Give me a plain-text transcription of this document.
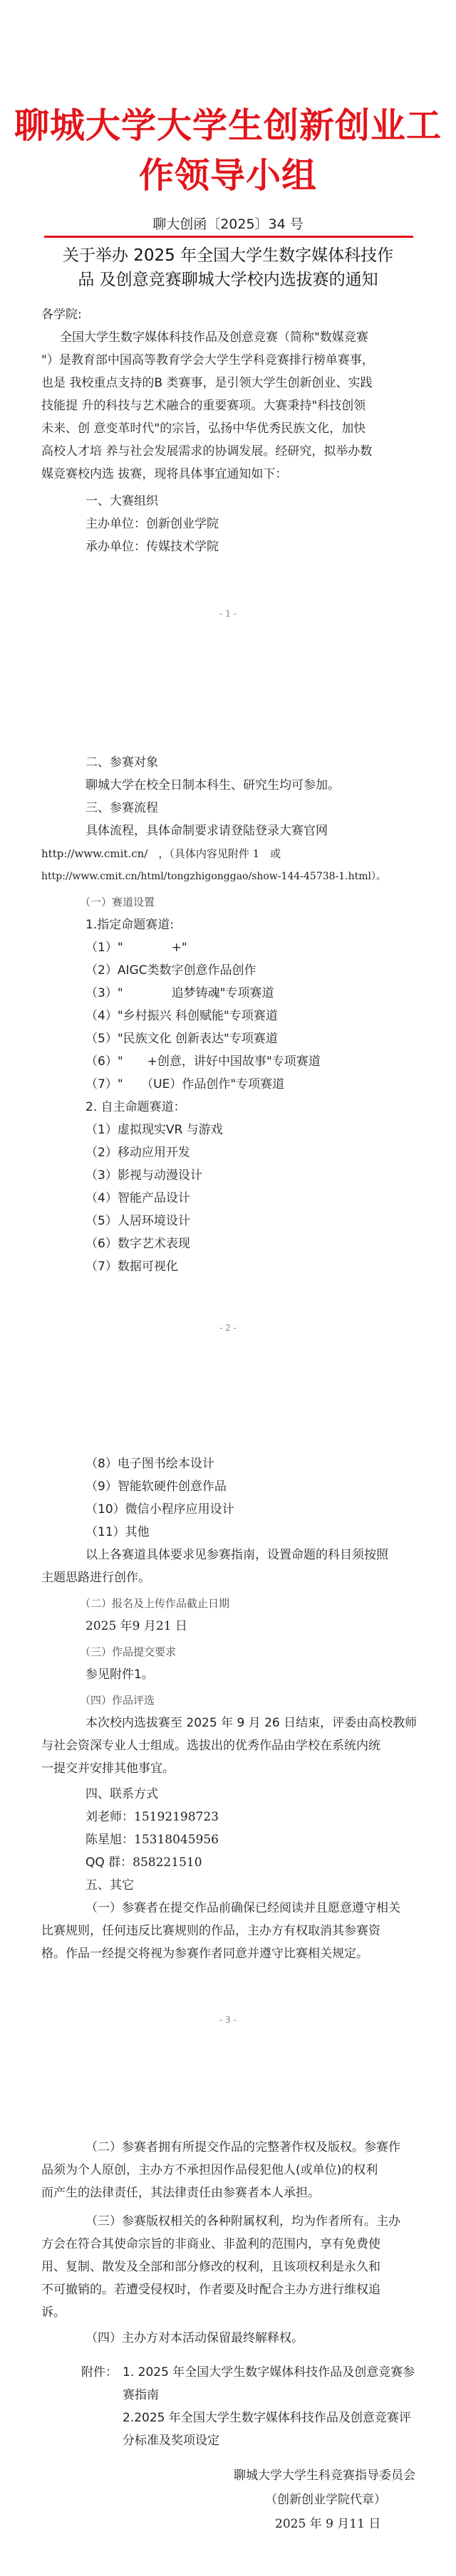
聊城大学大学生创新创业工作领导小组
聊大创函〔2025〕34 号
关于举办 2025 年全国大学生数字媒体科技作
品 及创意竞赛聊城大学校内选拔赛的通知
各学院:
全国大学生数字媒体科技作品及创意竞赛（简称"数媒竞赛
"）是教育部中国高等教育学会大学生学科竞赛排行榜单赛事，
也是 我校重点支持的B 类赛事，是引领大学生创新创业、实践
技能提 升的科技与艺术融合的重要赛项。大赛秉持"科技创领
未来、创 意变革时代"的宗旨，弘扬中华优秀民族文化，加快
高校人才培 养与社会发展需求的协调发展。经研究，拟举办数
媒竞赛校内选 拔赛，现将具体事宜通知如下：
一、大赛组织
主办单位：创新创业学院
承办单位：传媒技术学院
- 1 -
二、参赛对象
聊城大学在校全日制本科生、研究生均可参加。
三、参赛流程
具体流程，具体命制要求请登陆登录大赛官网
http://www.cmit.cn/　，（具体内容见附件 1　或
http://www.cmit.cn/html/tongzhigonggao/show-144-45738-1.html）。
（一）赛道设置
1.指定命题赛道:
（1）"　　　　+"
（2）AIGC类数字创意作品创作
（3）"　　　　追梦铸魂"专项赛道
（4）"乡村振兴 科创赋能"专项赛道
（5）"民族文化 创新表达"专项赛道
（6）"　　+创意，讲好中国故事"专项赛道
（7）"　　（UE）作品创作"专项赛道
2. 自主命题赛道：
（1）虚拟现实VR 与游戏
（2）移动应用开发
（3）影视与动漫设计
（4）智能产品设计
（5）人居环境设计
（6）数字艺术表现
（7）数据可视化
- 2 -
（8）电子图书绘本设计
（9）智能软硬件创意作品
（10）微信小程序应用设计
（11）其他
以上各赛道具体要求见参赛指南，设置命题的科目须按照
主题思路进行创作。
（二）报名及上传作品截止日期
2025 年9 月21 日
（三）作品提交要求
参见附件1。
（四）作品评选
本次校内选拔赛至 2025 年 9 月 26 日结束，评委由高校教师
与社会资深专业人士组成。选拔出的优秀作品由学校在系统内统
一提交并安排其他事宜。
四、联系方式
刘老师：15192198723
陈星旭：15318045956
QQ 群：858221510
五、其它
（一）参赛者在提交作品前确保已经阅读并且愿意遵守相关
比赛规则，任何违反比赛规则的作品，主办方有权取消其参赛资
格。作品一经提交将视为参赛作者同意并遵守比赛相关规定。
- 3 -
（二）参赛者拥有所提交作品的完整著作权及版权。参赛作
品须为个人原创，主办方不承担因作品侵犯他人(或单位)的权利
而产生的法律责任，其法律责任由参赛者本人承担。
（三）参赛版权相关的各种附属权利，均为作者所有。主办
方会在符合其使命宗旨的非商业、非盈利的范围内，享有免费使
用、复制、散发及全部和部分修改的权利，且该项权利是永久和
不可撤销的。若遭受侵权时，作者要及时配合主办方进行维权追
诉。
（四）主办方对本活动保留最终解释权。
附件： 1. 2025 年全国大学生数字媒体科技作品及创意竞赛参
赛指南
2.2025 年全国大学生数字媒体科技作品及创意竞赛评
分标准及奖项设定
聊城大学大学生科竞赛指导委员会
（创新创业学院代章）
2025 年 9 月11 日
